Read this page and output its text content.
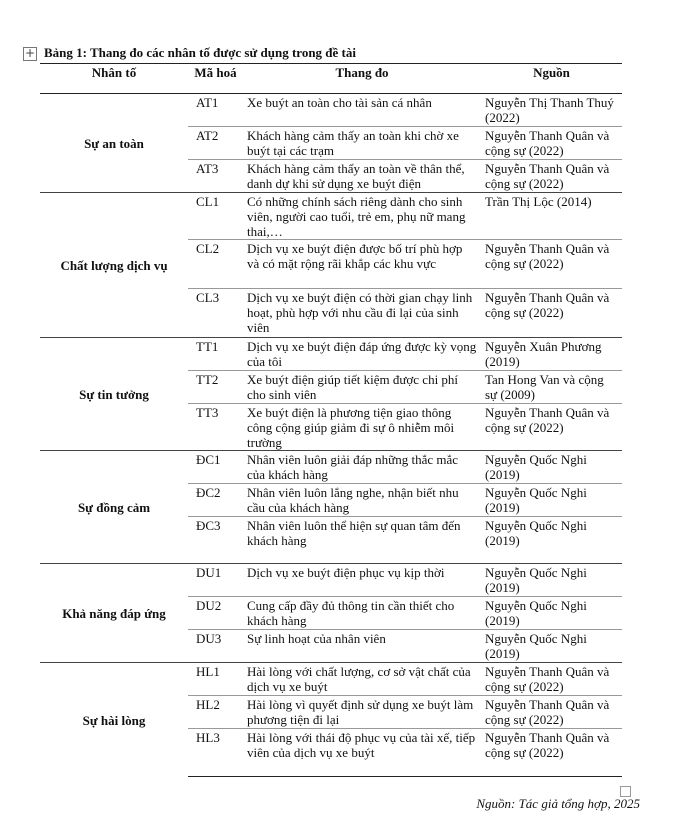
+ Bảng 1: Thang đo các nhân tố được sử dụng trong đề tài
Nhân tố	Mã hoá	Thang đo	Nguồn
Sự an toàn	AT1	Xe buýt an toàn cho tài sản cá nhân	Nguyễn Thị Thanh Thuý (2022)
	AT2	Khách hàng cảm thấy an toàn khi chờ xe buýt tại các trạm	Nguyễn Thanh Quân và cộng sự (2022)
	AT3	Khách hàng cảm thấy an toàn về thân thể, danh dự khi sử dụng xe buýt điện	Nguyễn Thanh Quân và cộng sự (2022)
Chất lượng dịch vụ	CL1	Có những chính sách riêng dành cho sinh viên, người cao tuổi, trẻ em, phụ nữ mang thai,…	Trần Thị Lộc (2014)
	CL2	Dịch vụ xe buýt điện được bố trí phù hợp và có mặt rộng rãi khắp các khu vực	Nguyễn Thanh Quân và cộng sự (2022)
	CL3	Dịch vụ xe buýt điện có thời gian chạy linh hoạt, phù hợp với nhu cầu đi lại của sinh viên	Nguyễn Thanh Quân và cộng sự (2022)
Sự tin tưởng	TT1	Dịch vụ xe buýt điện đáp ứng được kỳ vọng của tôi	Nguyễn Xuân Phương (2019)
	TT2	Xe buýt điện giúp tiết kiệm được chi phí cho sinh viên	Tan Hong Van và cộng sự (2009)
	TT3	Xe buýt điện là phương tiện giao thông công cộng giúp giảm đi sự ô nhiễm môi trường	Nguyễn Thanh Quân và cộng sự (2022)
Sự đồng cảm	ĐC1	Nhân viên luôn giải đáp những thắc mắc của khách hàng	Nguyễn Quốc Nghi (2019)
	ĐC2	Nhân viên luôn lắng nghe, nhận biết nhu cầu của khách hàng	Nguyễn Quốc Nghi (2019)
	ĐC3	Nhân viên luôn thể hiện sự quan tâm đến khách hàng	Nguyễn Quốc Nghi (2019)
Khả năng đáp ứng	DU1	Dịch vụ xe buýt điện phục vụ kịp thời	Nguyễn Quốc Nghi (2019)
	DU2	Cung cấp đầy đủ thông tin cần thiết cho khách hàng	Nguyễn Quốc Nghi (2019)
	DU3	Sự linh hoạt của nhân viên	Nguyễn Quốc Nghi (2019)
Sự hài lòng	HL1	Hài lòng với chất lượng, cơ sở vật chất của dịch vụ xe buýt	Nguyễn Thanh Quân và cộng sự (2022)
	HL2	Hài lòng vì quyết định sử dụng xe buýt làm phương tiện đi lại	Nguyễn Thanh Quân và cộng sự (2022)
	HL3	Hài lòng với thái độ phục vụ của tài xế, tiếp viên của dịch vụ xe buýt	Nguyễn Thanh Quân và cộng sự (2022)
Nguồn: Tác giả tổng hợp, 2025
